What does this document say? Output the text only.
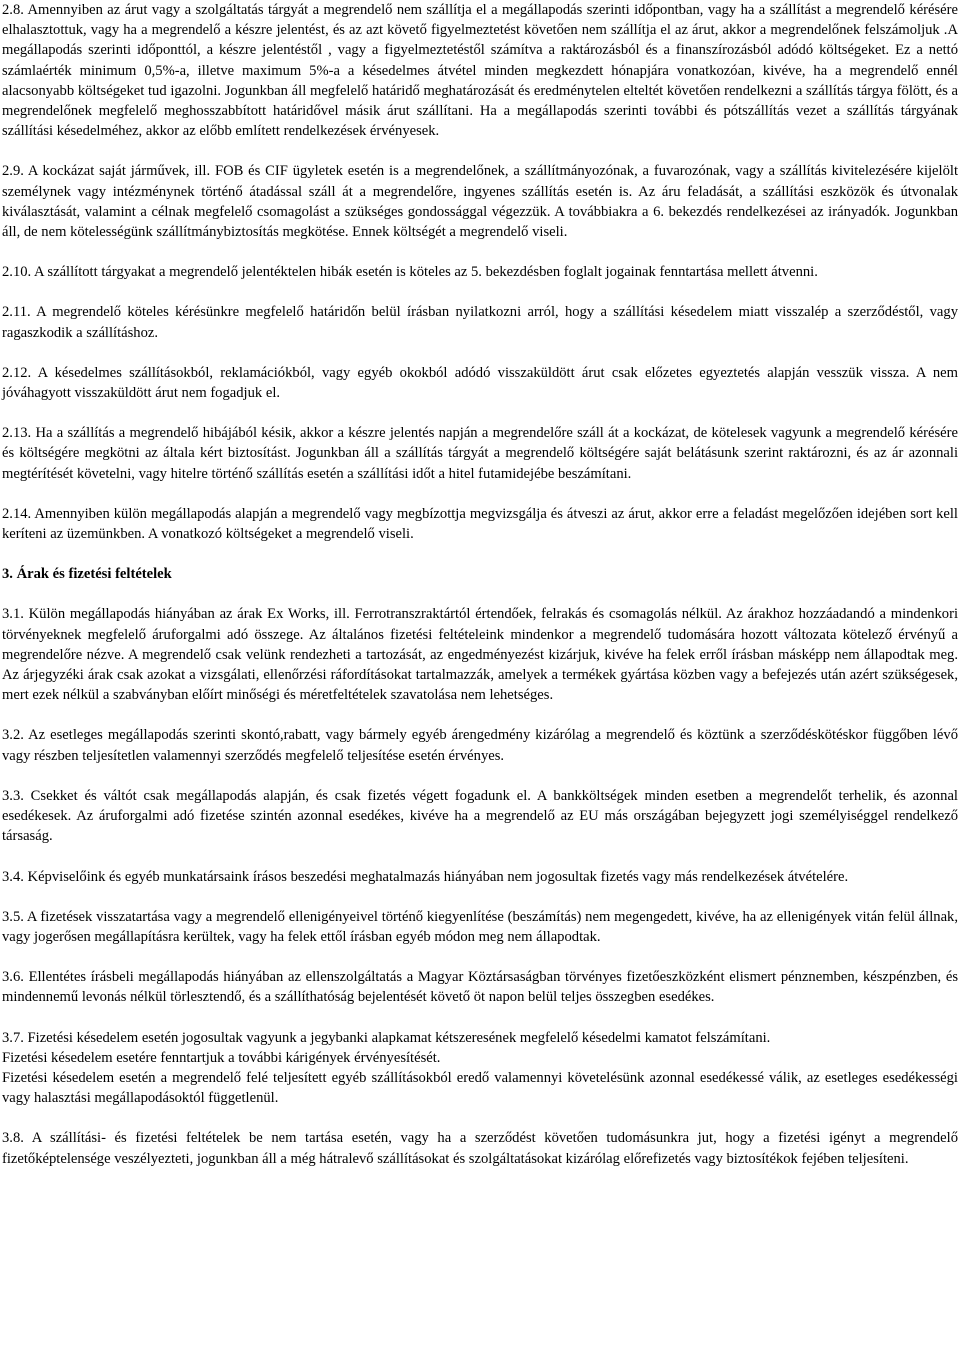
2.8. Amennyiben az árut vagy a szolgáltatás tárgyát a megrendelő nem szállítja el a megállapodás szerinti időpontban, vagy ha a szállítást a megrendelő kérésére elhalasztottuk, vagy ha a megrendelő a készre jelentést, és az azt követő figyelmeztetést követően nem szállítja el az árut, akkor a megrendelőnek felszámoljuk .A megállapodás szerinti időponttól, a készre jelentéstől , vagy a figyelmeztetéstől számítva a raktározásból és a finanszírozásból adódó költségeket. Ez a nettó számlaérték minimum 0,5%-a, illetve maximum 5%-a a késedelmes átvétel minden megkezdett hónapjára vonatkozóan, kivéve, ha a megrendelő ennél alacsonyabb költségeket tud igazolni. Jogunkban áll megfelelő határidő meghatározását és eredménytelen elteltét követően rendelkezni a szállítás tárgya fölött, és a megrendelőnek megfelelő meghosszabbított határidővel másik árut szállítani. Ha a megállapodás szerinti további és pótszállítás vezet a szállítás tárgyának szállítási késedelméhez, akkor az előbb említett rendelkezések érvényesek.
2.9. A kockázat saját járművek, ill. FOB és CIF ügyletek esetén is a megrendelőnek, a szállítmányozónak, a fuvarozónak, vagy a szállítás kivitelezésére kijelölt személynek vagy intézménynek történő átadással száll át a megrendelőre, ingyenes szállítás esetén is. Az áru feladását, a szállítási eszközök és útvonalak kiválasztását, valamint a célnak megfelelő csomagolást a szükséges gondossággal végezzük. A továbbiakra a 6. bekezdés rendelkezései az irányadók. Jogunkban áll, de nem kötelességünk szállítmánybiztosítás megkötése. Ennek költségét a megrendelő viseli.
2.10. A szállított tárgyakat a megrendelő jelentéktelen hibák esetén is köteles az 5. bekezdésben foglalt jogainak fenntartása mellett átvenni.
2.11. A megrendelő köteles kérésünkre megfelelő határidőn belül írásban nyilatkozni arról, hogy a szállítási késedelem miatt visszalép a szerződéstől, vagy ragaszkodik a szállításhoz.
2.12. A késedelmes szállításokból, reklamációkból, vagy egyéb okokból adódó visszaküldött árut csak előzetes egyeztetés alapján vesszük vissza. A nem jóváhagyott visszaküldött árut nem fogadjuk el.
2.13. Ha a szállítás a megrendelő hibájából késik, akkor a készre jelentés napján a megrendelőre száll át a kockázat, de kötelesek vagyunk a megrendelő kérésére és költségére megkötni az általa kért biztosítást. Jogunkban áll a szállítás tárgyát a megrendelő költségére saját belátásunk szerint raktározni, és az ár azonnali megtérítését követelni, vagy hitelre történő szállítás esetén a szállítási időt a hitel futamidejébe beszámítani.
2.14. Amennyiben külön megállapodás alapján a megrendelő vagy megbízottja megvizsgálja és átveszi az árut, akkor erre a feladást megelőzően idejében sort kell keríteni az üzemünkben. A vonatkozó költségeket a megrendelő viseli.
3. Árak és fizetési feltételek
3.1. Külön megállapodás hiányában az árak Ex Works, ill. Ferrotranszraktártól értendőek, felrakás és csomagolás nélkül. Az árakhoz hozzáadandó a mindenkori törvényeknek megfelelő áruforgalmi adó összege. Az általános fizetési feltételeink mindenkor a megrendelő tudomására hozott változata kötelező érvényű a megrendelőre nézve. A megrendelő csak velünk rendezheti a tartozását, az engedményezést kizárjuk, kivéve ha felek erről írásban másképp nem állapodtak meg. Az árjegyzéki árak csak azokat a vizsgálati, ellenőrzési ráfordításokat tartalmazzák, amelyek a termékek gyártása közben vagy a befejezés után azért szükségesek, mert ezek nélkül a szabványban előírt minőségi és méretfeltételek szavatolása nem lehetséges.
3.2. Az esetleges megállapodás szerinti skontó,rabatt, vagy bármely egyéb árengedmény kizárólag a megrendelő és köztünk a szerződéskötéskor függőben lévő vagy részben teljesítetlen valamennyi szerződés megfelelő teljesítése esetén érvényes.
3.3. Csekket és váltót csak megállapodás alapján, és csak fizetés végett fogadunk el. A bankköltségek minden esetben a megrendelőt terhelik, és azonnal esedékesek. Az áruforgalmi adó fizetése szintén azonnal esedékes, kivéve ha a megrendelő az EU más országában bejegyzett jogi személyiséggel rendelkező társaság.
3.4. Képviselőink és egyéb munkatársaink írásos beszedési meghatalmazás hiányában nem jogosultak fizetés vagy más rendelkezések átvételére.
3.5. A fizetések visszatartása vagy a megrendelő ellenigényeivel történő kiegyenlítése (beszámítás) nem megengedett, kivéve, ha az ellenigények vitán felül állnak, vagy jogerősen megállapításra kerültek, vagy ha felek ettől írásban egyéb módon meg nem állapodtak.
3.6. Ellentétes írásbeli megállapodás hiányában az ellenszolgáltatás a Magyar Köztársaságban törvényes fizetőeszközként elismert pénznemben, készpénzben, és mindennemű levonás nélkül törlesztendő, és a szállíthatóság bejelentését követő öt napon belül teljes összegben esedékes.
3.7. Fizetési késedelem esetén jogosultak vagyunk a jegybanki alapkamat kétszeresének megfelelő késedelmi kamatot felszámítani.
Fizetési késedelem esetére fenntartjuk a további kárigények érvényesítését.
Fizetési késedelem esetén a megrendelő felé teljesített egyéb szállításokból eredő valamennyi követelésünk azonnal esedékessé válik, az esetleges esedékességi vagy halasztási megállapodásoktól függetlenül.
3.8. A szállítási- és fizetési feltételek be nem tartása esetén, vagy ha a szerződést követően tudomásunkra jut, hogy a fizetési igényt a megrendelő fizetőképtelensége veszélyezteti, jogunkban áll a még hátralevő szállításokat és szolgáltatásokat kizárólag előrefizetés vagy biztosítékok fejében teljesíteni.
